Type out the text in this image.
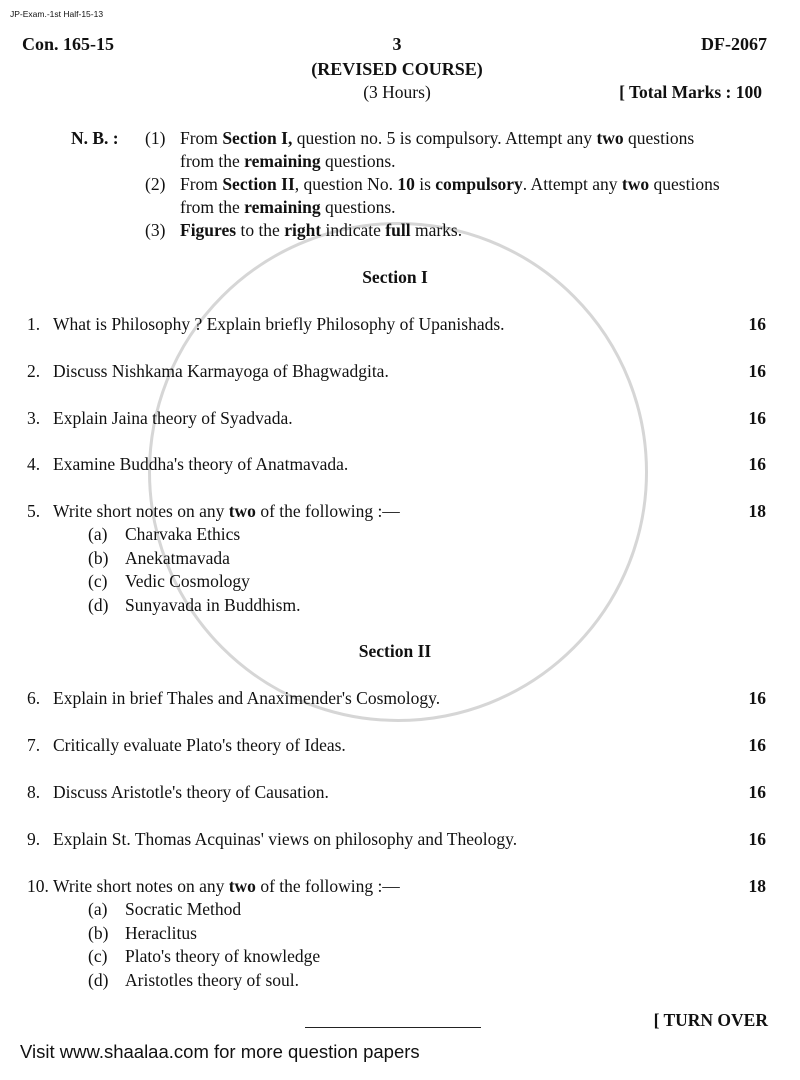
JP-Exam.-1st Half-15-13
Con. 165-15	3	DF-2067
(REVISED COURSE)
(3 Hours)	[ Total Marks : 100
N. B. : (1) From Section I, question no. 5 is compulsory. Attempt any two questions
from the remaining questions.
(2) From Section II, question No. 10 is compulsory. Attempt any two questions
from the remaining questions.
(3) Figures to the right indicate full marks.
Section I
1. What is Philosophy ? Explain briefly Philosophy of Upanishads.	16
2. Discuss Nishkama Karmayoga of Bhagwadgita.	16
3. Explain Jaina theory of Syadvada.	16
4. Examine Buddha's theory of Anatmavada.	16
5. Write short notes on any two of the following :—	18
(a) Charvaka Ethics
(b) Anekatmavada
(c) Vedic Cosmology
(d) Sunyavada in Buddhism.
Section II
6. Explain in brief Thales and Anaximender's Cosmology.	16
7. Critically evaluate Plato's theory of Ideas.	16
8. Discuss Aristotle's theory of Causation.	16
9. Explain St. Thomas Acquinas' views on philosophy and Theology.	16
10. Write short notes on any two of the following :—	18
(a) Socratic Method
(b) Heraclitus
(c) Plato's theory of knowledge
(d) Aristotles theory of soul.
[ TURN OVER
Visit www.shaalaa.com for more question papers
